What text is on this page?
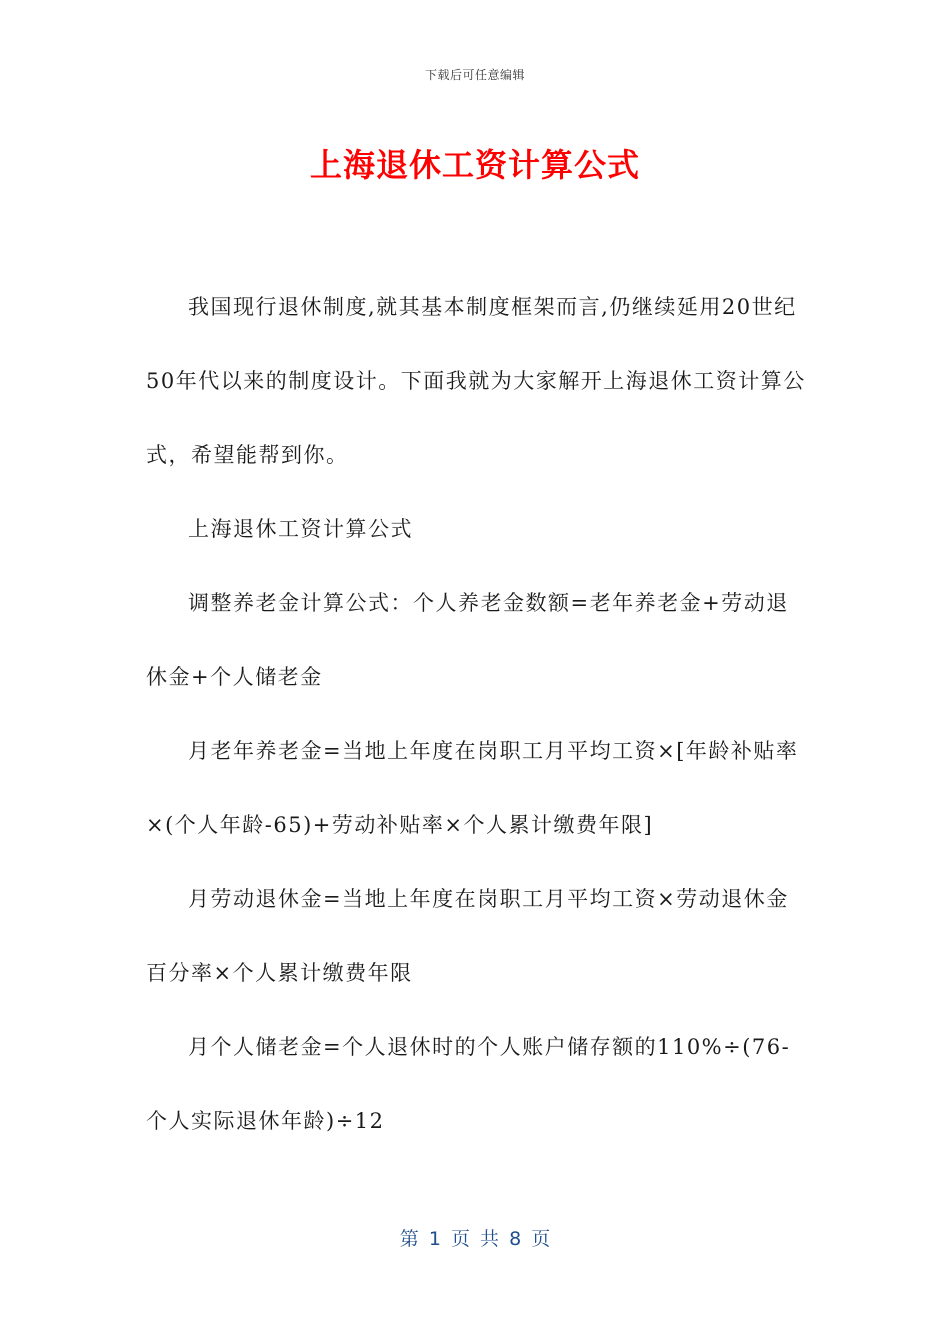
下载后可任意编辑
上海退休工资计算公式

我国现行退休制度,就其基本制度框架而言,仍继续延用20世纪50年代以来的制度设计。下面我就为大家解开上海退休工资计算公式，希望能帮到你。

上海退休工资计算公式

调整养老金计算公式：个人养老金数额=老年养老金+劳动退休金+个人储老金

月老年养老金=当地上年度在岗职工月平均工资×[年龄补贴率×(个人年龄-65)+劳动补贴率×个人累计缴费年限]

月劳动退休金=当地上年度在岗职工月平均工资×劳动退休金百分率×个人累计缴费年限

月个人储老金=个人退休时的个人账户储存额的110%÷(76-个人实际退休年龄)÷12

第 1 页 共 8 页
